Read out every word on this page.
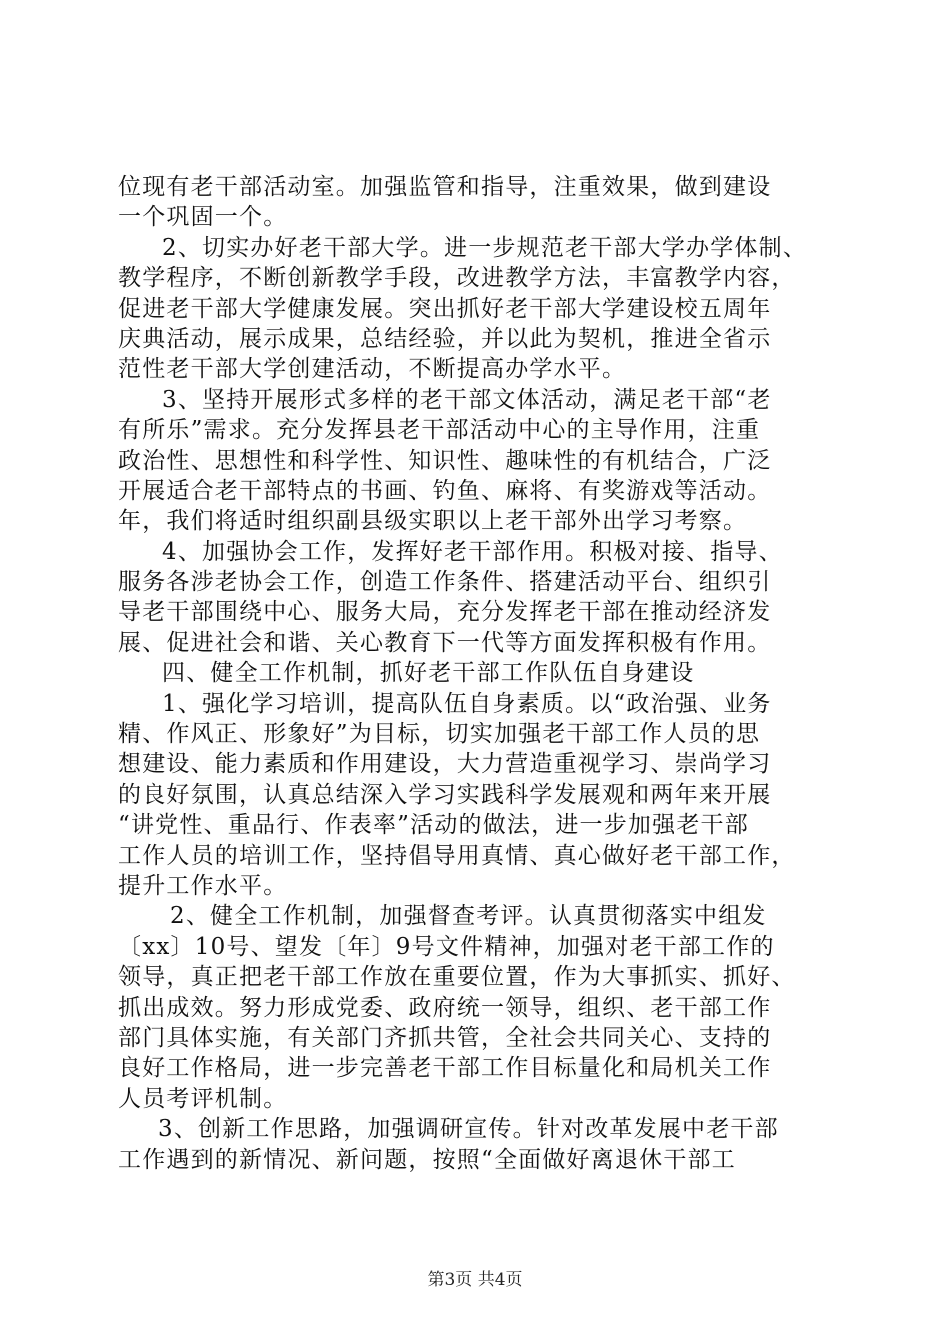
位现有老干部活动室。加强监管和指导，注重效果，做到建设
一个巩固一个。
2、切实办好老干部大学。进一步规范老干部大学办学体制、
教学程序，不断创新教学手段，改进教学方法，丰富教学内容，
促进老干部大学健康发展。突出抓好老干部大学建设校五周年
庆典活动，展示成果，总结经验，并以此为契机，推进全省示
范性老干部大学创建活动，不断提高办学水平。
3、坚持开展形式多样的老干部文体活动，满足老干部“老
有所乐”需求。充分发挥县老干部活动中心的主导作用，注重
政治性、思想性和科学性、知识性、趣味性的有机结合，广泛
开展适合老干部特点的书画、钓鱼、麻将、有奖游戏等活动。
年，我们将适时组织副县级实职以上老干部外出学习考察。
4、加强协会工作，发挥好老干部作用。积极对接、指导、
服务各涉老协会工作，创造工作条件、搭建活动平台、组织引
导老干部围绕中心、服务大局，充分发挥老干部在推动经济发
展、促进社会和谐、关心教育下一代等方面发挥积极有作用。
四、健全工作机制，抓好老干部工作队伍自身建设
1、强化学习培训，提高队伍自身素质。以“政治强、业务
精、作风正、形象好”为目标，切实加强老干部工作人员的思
想建设、能力素质和作用建设，大力营造重视学习、崇尚学习
的良好氛围，认真总结深入学习实践科学发展观和两年来开展
“讲党性、重品行、作表率”活动的做法，进一步加强老干部
工作人员的培训工作，坚持倡导用真情、真心做好老干部工作，
提升工作水平。
2、健全工作机制，加强督查考评。认真贯彻落实中组发
〔xx〕10号、望发〔年〕9号文件精神，加强对老干部工作的
领导，真正把老干部工作放在重要位置，作为大事抓实、抓好、
抓出成效。努力形成党委、政府统一领导，组织、老干部工作
部门具体实施，有关部门齐抓共管，全社会共同关心、支持的
良好工作格局，进一步完善老干部工作目标量化和局机关工作
人员考评机制。
3、创新工作思路，加强调研宣传。针对改革发展中老干部
工作遇到的新情况、新问题，按照“全面做好离退休干部工
第3页 共4页
